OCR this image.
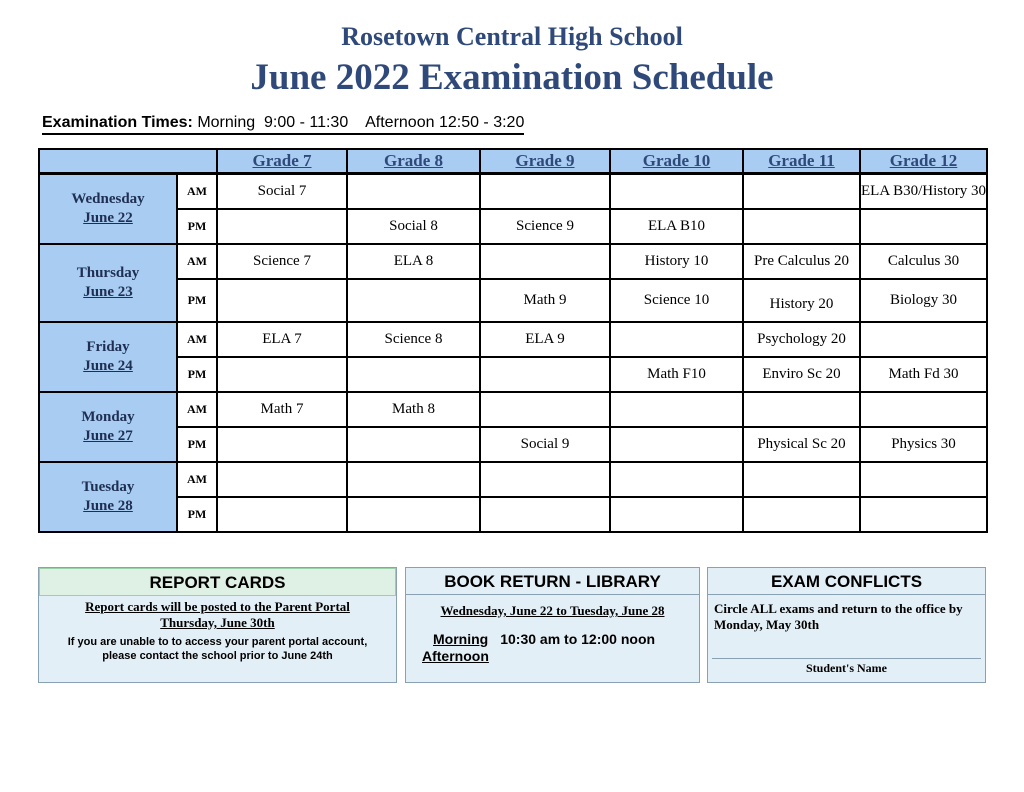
Rosetown Central High School
June 2022 Examination Schedule
Examination Times: Morning  9:00 - 11:30    Afternoon 12:50 - 3:20
		Grade 7	Grade 8	Grade 9	Grade 10	Grade 11	Grade 12

Wednesday
June 22	AM	Social 7					ELA B30/History 30
	PM		Social 8	Science 9	ELA B10		

Thursday
June 23	AM	Science 7	ELA 8		History 10	Pre Calculus 20	Calculus 30
	PM			Math 9	Science 10	History 20	Biology 30

Friday
June 24	AM	ELA 7	Science 8	ELA 9		Psychology 20	
	PM				Math F10	Enviro Sc 20	Math Fd 30

Monday
June 27	AM	Math 7	Math 8				
	PM			Social 9		Physical Sc 20	Physics 30

Tuesday
June 28	AM						
	PM						
REPORT CARDS
Report cards will be posted to the Parent Portal
Thursday, June 30th
If you are unable to to access your parent portal account,
please contact the school prior to June 24th
BOOK RETURN - LIBRARY
Wednesday, June 22 to Tuesday, June 28
Morning 10:30 am to 12:00 noon
Afternoon
EXAM CONFLICTS
Circle ALL exams and return to the office by Monday, May 30th
Student's Name
